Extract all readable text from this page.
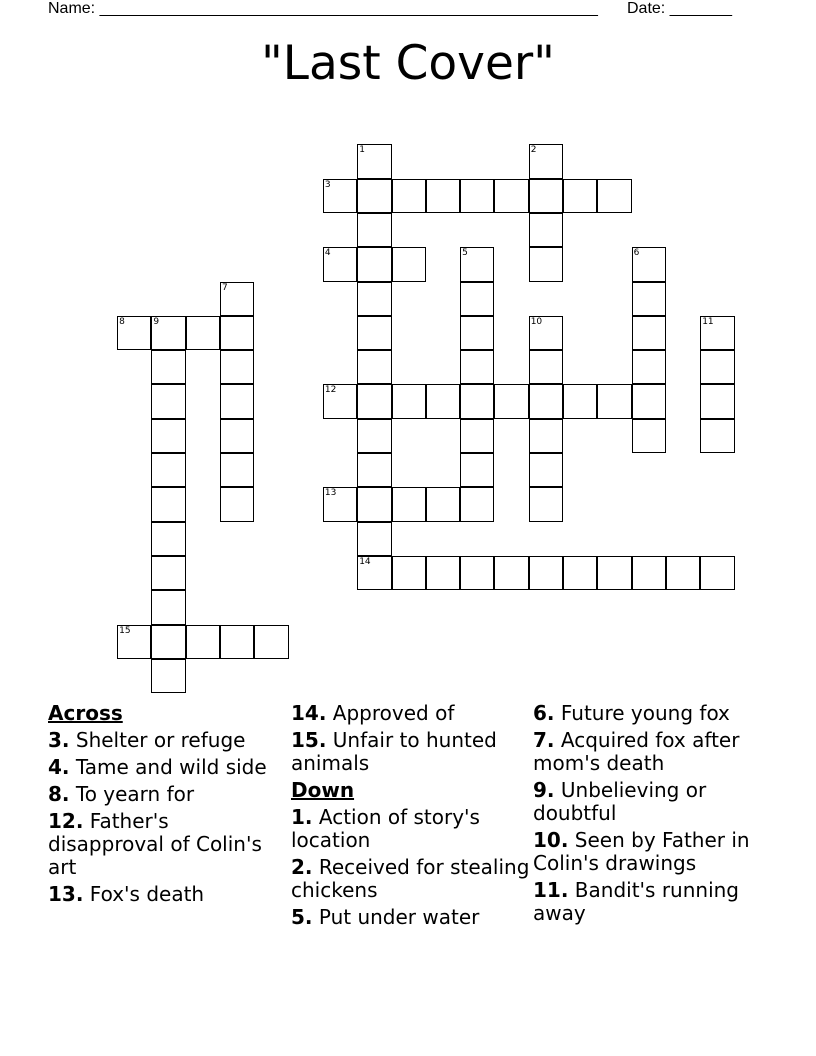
Name: ________________________________________________________ Date: _______
"Last Cover"
1	2
3
4	5	6
7
8	9	10	11
12
13
14
15
Across
3. Shelter or refuge
4. Tame and wild side
8. To yearn for
12. Father's disapproval of Colin's art
13. Fox's death
14. Approved of
15. Unfair to hunted animals
Down
1. Action of story's location
2. Received for stealing chickens
5. Put under water
6. Future young fox
7. Acquired fox after mom's death
9. Unbelieving or doubtful
10. Seen by Father in Colin's drawings
11. Bandit's running away
